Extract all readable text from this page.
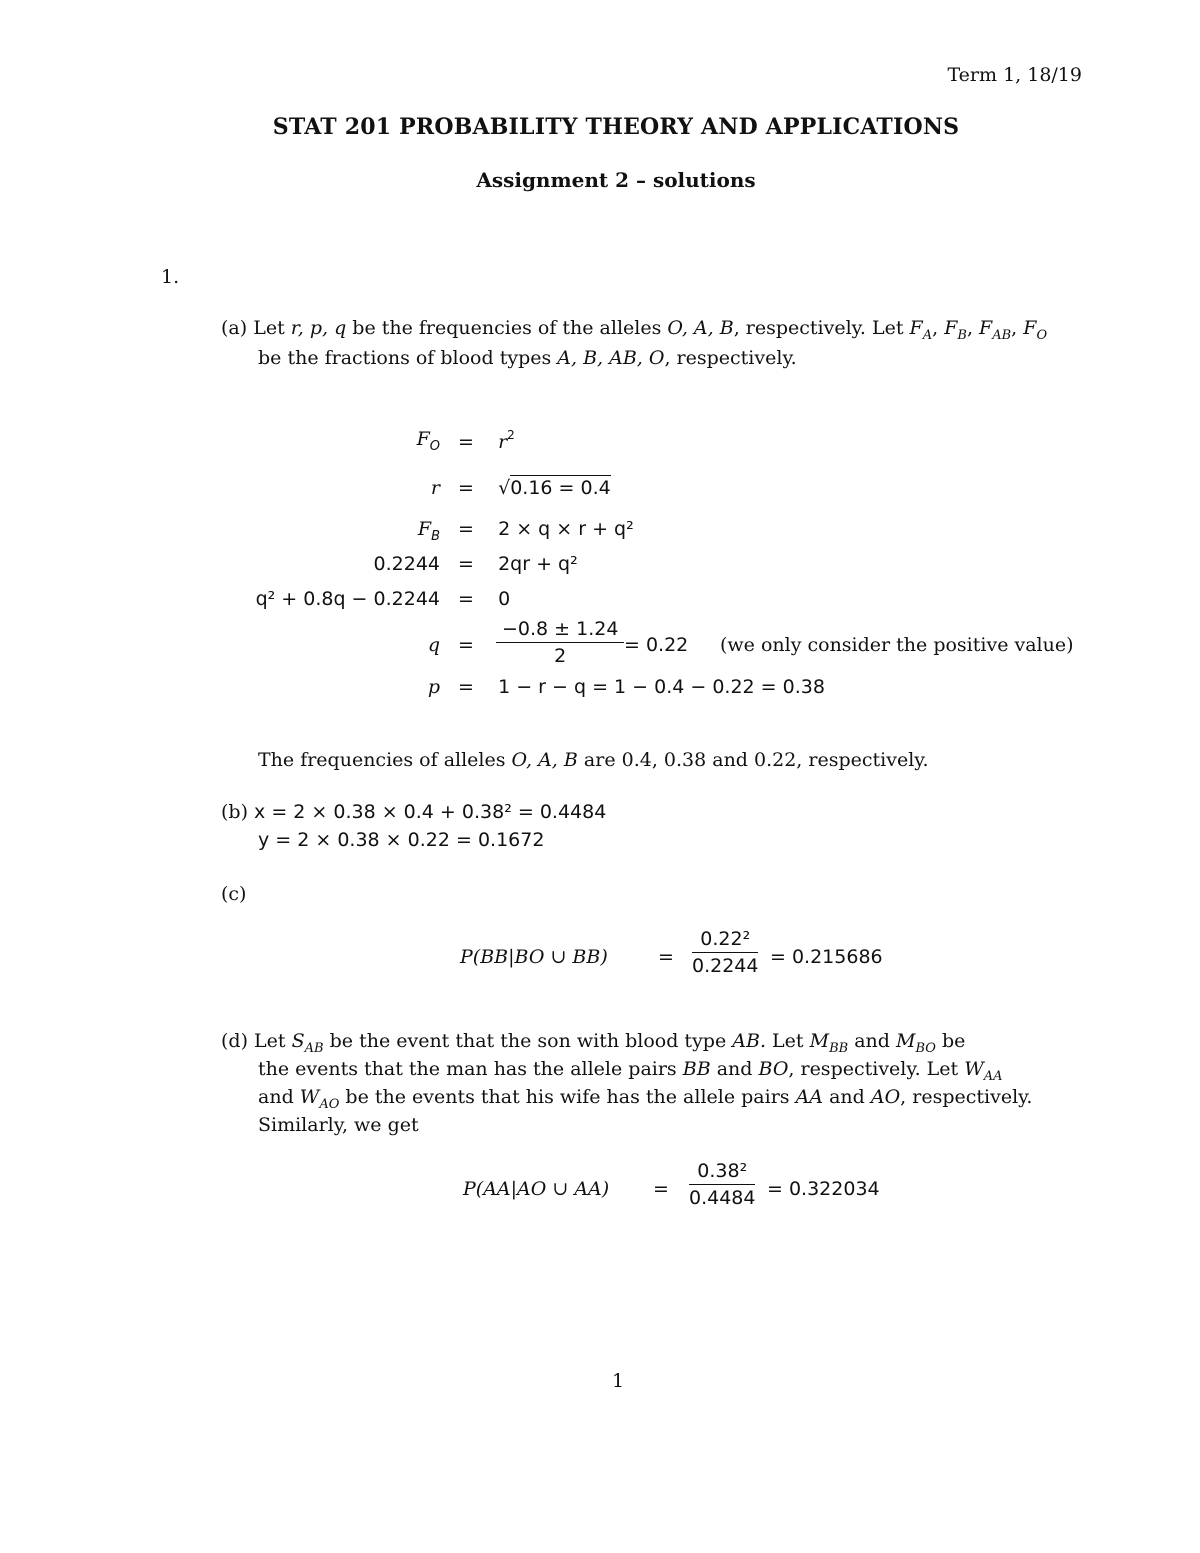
Term 1, 18/19
STAT 201 PROBABILITY THEORY AND APPLICATIONS
Assignment 2 – solutions
1.
(a) Let r, p, q be the frequencies of the alleles O, A, B, respectively. Let $F_A$, $F_B$, $F_{AB}$, $F_O$
be the fractions of blood types A, B, AB, O, respectively.
$F_O$ =    $r^2$
r =    √0.16 = 0.4
$F_B$ =    2 × q × r + q²
0.2244 =    2qr + q²
q² + 0.8q − 0.2244 =    0
$q = \frac{-0.8 \pm 1.24}{2} = 0.22$ (we only consider the positive value)
p =    1 − r − q = 1 − 0.4 − 0.22 = 0.38
The frequencies of alleles O, A, B are 0.4, 0.38 and 0.22, respectively.
(b) x = 2 × 0.38 × 0.4 + 0.38² = 0.4484
y = 2 × 0.38 × 0.22 = 0.1672
(c)
P(BB|BO ∪ BB)	= $\frac{\text{0.22²}}{0.2244} = 0.215686$
(d) Let $S_{AB}$ be the event that the son with blood type AB. Let $M_{BB}$ and $M_{BO}$ be
the events that the man has the allele pairs BB and BO, respectively. Let $W_{AA}$
and $W_{AO}$ be the events that his wife has the allele pairs AA and AO, respectively.
Similarly, we get
P(AA|AO ∪ $AA) = \frac{\text{0.38²}}{0.4484} = 0.322034$
1
